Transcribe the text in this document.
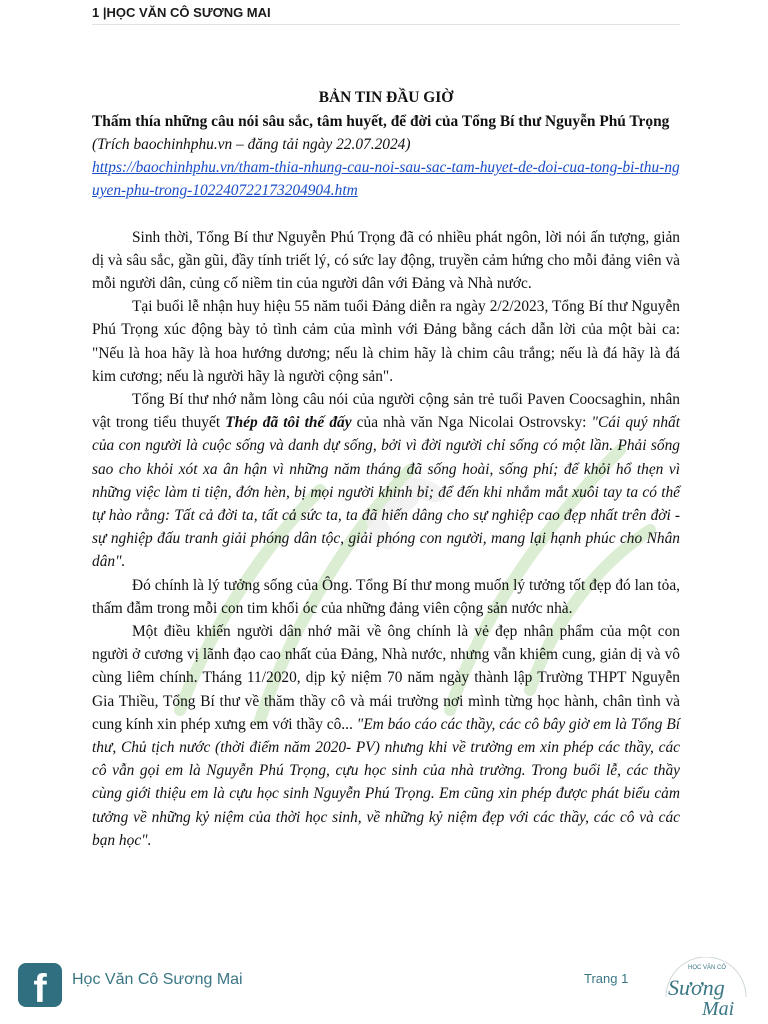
1 |HỌC VĂN CÔ SƯƠNG MAI
BẢN TIN ĐẦU GIỜ
Thấm thía những câu nói sâu sắc, tâm huyết, để đời của Tổng Bí thư Nguyễn Phú Trọng
(Trích baochinhphu.vn – đăng tải ngày 22.07.2024)
https://baochinhphu.vn/tham-thia-nhung-cau-noi-sau-sac-tam-huyet-de-doi-cua-tong-bi-thu-nguyen-phu-trong-102240722173204904.htm

Sinh thời, Tổng Bí thư Nguyễn Phú Trọng đã có nhiều phát ngôn, lời nói ấn tượng, giản dị và sâu sắc, gần gũi, đầy tính triết lý, có sức lay động, truyền cảm hứng cho mỗi đảng viên và mỗi người dân, củng cố niềm tin của người dân với Đảng và Nhà nước.

Tại buổi lễ nhận huy hiệu 55 năm tuổi Đảng diễn ra ngày 2/2/2023, Tổng Bí thư Nguyễn Phú Trọng xúc động bày tỏ tình cảm của mình với Đảng bằng cách dẫn lời của một bài ca: "Nếu là hoa hãy là hoa hướng dương; nếu là chim hãy là chim câu trắng; nếu là đá hãy là đá kim cương; nếu là người hãy là người cộng sản".

Tổng Bí thư nhớ nằm lòng câu nói của người cộng sản trẻ tuổi Paven Coocsaghin, nhân vật trong tiểu thuyết Thép đã tôi thế đấy của nhà văn Nga Nicolai Ostrovsky: "Cái quý nhất của con người là cuộc sống và danh dự sống, bởi vì đời người chỉ sống có một lần. Phải sống sao cho khỏi xót xa ân hận vì những năm tháng đã sống hoài, sống phí; để khỏi hổ thẹn vì những việc làm ti tiện, đớn hèn, bị mọi người khinh bỉ; để đến khi nhắm mắt xuôi tay ta có thể tự hào rằng: Tất cả đời ta, tất cả sức ta, ta đã hiến dâng cho sự nghiệp cao đẹp nhất trên đời - sự nghiệp đấu tranh giải phóng dân tộc, giải phóng con người, mang lại hạnh phúc cho Nhân dân".

Đó chính là lý tưởng sống của Ông. Tổng Bí thư mong muốn lý tưởng tốt đẹp đó lan tỏa, thấm đẫm trong mỗi con tim khối óc của những đảng viên cộng sản nước nhà.

Một điều khiến người dân nhớ mãi về ông chính là vẻ đẹp nhân phẩm của một con người ở cương vị lãnh đạo cao nhất của Đảng, Nhà nước, nhưng vẫn khiêm cung, giản dị và vô cùng liêm chính. Tháng 11/2020, dịp kỷ niệm 70 năm ngày thành lập Trường THPT Nguyễn Gia Thiều, Tổng Bí thư về thăm thầy cô và mái trường nơi mình từng học hành, chân tình và cung kính xin phép xưng em với thầy cô... "Em báo cáo các thầy, các cô bây giờ em là Tổng Bí thư, Chủ tịch nước (thời điểm năm 2020- PV) nhưng khi về trường em xin phép các thầy, các cô vẫn gọi em là Nguyễn Phú Trọng, cựu học sinh của nhà trường. Trong buổi lễ, các thầy cùng giới thiệu em là cựu học sinh Nguyễn Phú Trọng. Em cũng xin phép được phát biểu cảm tưởng về những kỷ niệm của thời học sinh, về những kỷ niệm đẹp với các thầy, các cô và các bạn học".

f	Học Văn Cô Sương Mai	Trang 1
HỌC VĂN CÔ
Sương
Mai
